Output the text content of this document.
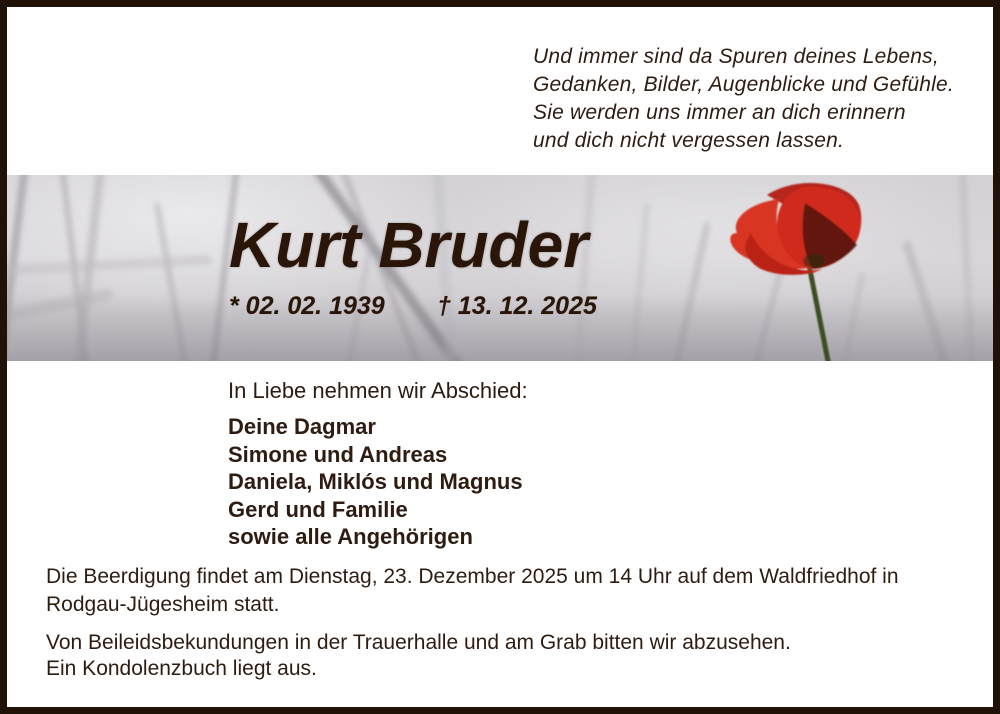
Und immer sind da Spuren deines Lebens,
Gedanken, Bilder, Augenblicke und Gefühle.
Sie werden uns immer an dich erinnern
und dich nicht vergessen lassen.
Kurt Bruder
* 02. 02. 1939 † 13. 12. 2025
In Liebe nehmen wir Abschied:
Deine Dagmar
Simone und Andreas
Daniela, Miklós und Magnus
Gerd und Familie
sowie alle Angehörigen
Die Beerdigung findet am Dienstag, 23. Dezember 2025 um 14 Uhr auf dem Waldfriedhof in
Rodgau-Jügesheim statt.
Von Beileidsbekundungen in der Trauerhalle und am Grab bitten wir abzusehen.
Ein Kondolenzbuch liegt aus.
